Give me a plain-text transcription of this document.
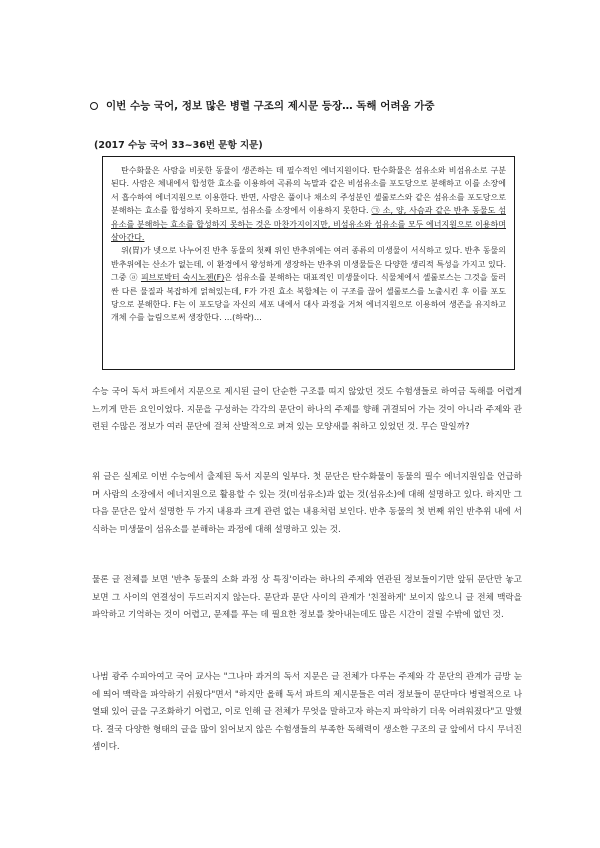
이번 수능 국어, 정보 많은 병렬 구조의 제시문 등장… 독해 어려움 가중
(2017 수능 국어 33~36번 문항 지문)

탄수화물은 사람을 비롯한 동물이 생존하는 데 필수적인 에너지원이다. 탄수화물은 섬유소와 비섬유소로 구분된다. 사람은 체내에서 합성한 효소를 이용하여 곡류의 녹말과 같은 비섬유소를 포도당으로 분해하고 이를 소장에서 흡수하여 에너지원으로 이용한다. 반면, 사람은 풀이나 채소의 주성분인 셀룰로스와 같은 섬유소를 포도당으로 분해하는 효소를 합성하지 못하므로, 섬유소를 소장에서 이용하지 못한다. ㉠ 소, 양, 사슴과 같은 반추 동물도 섬유소를 분해하는 효소를 합성하지 못하는 것은 마찬가지이지만, 비섬유소와 섬유소를 모두 에너지원으로 이용하며 살아간다.

위(胃)가 넷으로 나누어진 반추 동물의 첫째 위인 반추위에는 여러 종류의 미생물이 서식하고 있다. 반추 동물의 반추위에는 산소가 없는데, 이 환경에서 왕성하게 생장하는 반추위 미생물들은 다양한 생리적 특성을 가지고 있다. 그중 ⓐ 피브로박터 숙시노젠(F)은 섬유소를 분해하는 대표적인 미생물이다. 식물체에서 셀룰로스는 그것을 둘러싼 다른 물질과 복잡하게 얽혀있는데, F가 가진 효소 복합체는 이 구조를 끊어 셀룰로스를 노출시킨 후 이를 포도당으로 분해한다. F는 이 포도당을 자신의 세포 내에서 대사 과정을 거쳐 에너지원으로 이용하여 생존을 유지하고 개체 수를 늘림으로써 생장한다. …(하략)…

수능 국어 독서 파트에서 지문으로 제시된 글이 단순한 구조를 띠지 않았던 것도 수험생들로 하여금 독해를 어렵게 느끼게 만든 요인이었다. 지문을 구성하는 각각의 문단이 하나의 주제를 향해 귀결되어 가는 것이 아니라 주제와 관련된 수많은 정보가 여러 문단에 걸쳐 산발적으로 펴져 있는 모양새를 취하고 있었던 것. 무슨 말일까?
위 글은 실제로 이번 수능에서 출제된 독서 지문의 일부다. 첫 문단은 탄수화물이 동물의 필수 에너지원임을 언급하며 사람의 소장에서 에너지원으로 활용할 수 있는 것(비섬유소)과 없는 것(섬유소)에 대해 설명하고 있다. 하지만 그 다음 문단은 앞서 설명한 두 가지 내용과 크게 관련 없는 내용처럼 보인다. 반추 동물의 첫 번째 위인 반추위 내에 서식하는 미생물이 섬유소를 분해하는 과정에 대해 설명하고 있는 것.
물론 글 전체를 보면 '반추 동물의 소화 과정 상 특징'이라는 하나의 주제와 연관된 정보들이기만 앞뒤 문단만 놓고 보면 그 사이의 연결성이 두드러지지 않는다. 문단과 문단 사이의 관계가 '친절하게' 보이지 않으니 글 전체 맥락을 파악하고 기억하는 것이 어렵고, 문제를 푸는 데 필요한 정보를 찾아내는데도 많은 시간이 걸릴 수밖에 없던 것.
나범 광주 수피아여고 국어 교사는 "그나마 과거의 독서 지문은 글 전체가 다루는 주제와 각 문단의 관계가 금방 눈에 띄어 맥락을 파악하기 쉬웠다"면서 "하지만 올해 독서 파트의 제시문들은 여러 정보들이 문단마다 병렬적으로 나열돼 있어 글을 구조화하기 어렵고, 이로 인해 글 전체가 무엇을 말하고자 하는지 파악하기 더욱 어려워졌다"고 말했다. 결국 다양한 형태의 글을 많이 읽어보지 않은 수험생들의 부족한 독해력이 생소한 구조의 글 앞에서 다시 무너진 셈이다.
